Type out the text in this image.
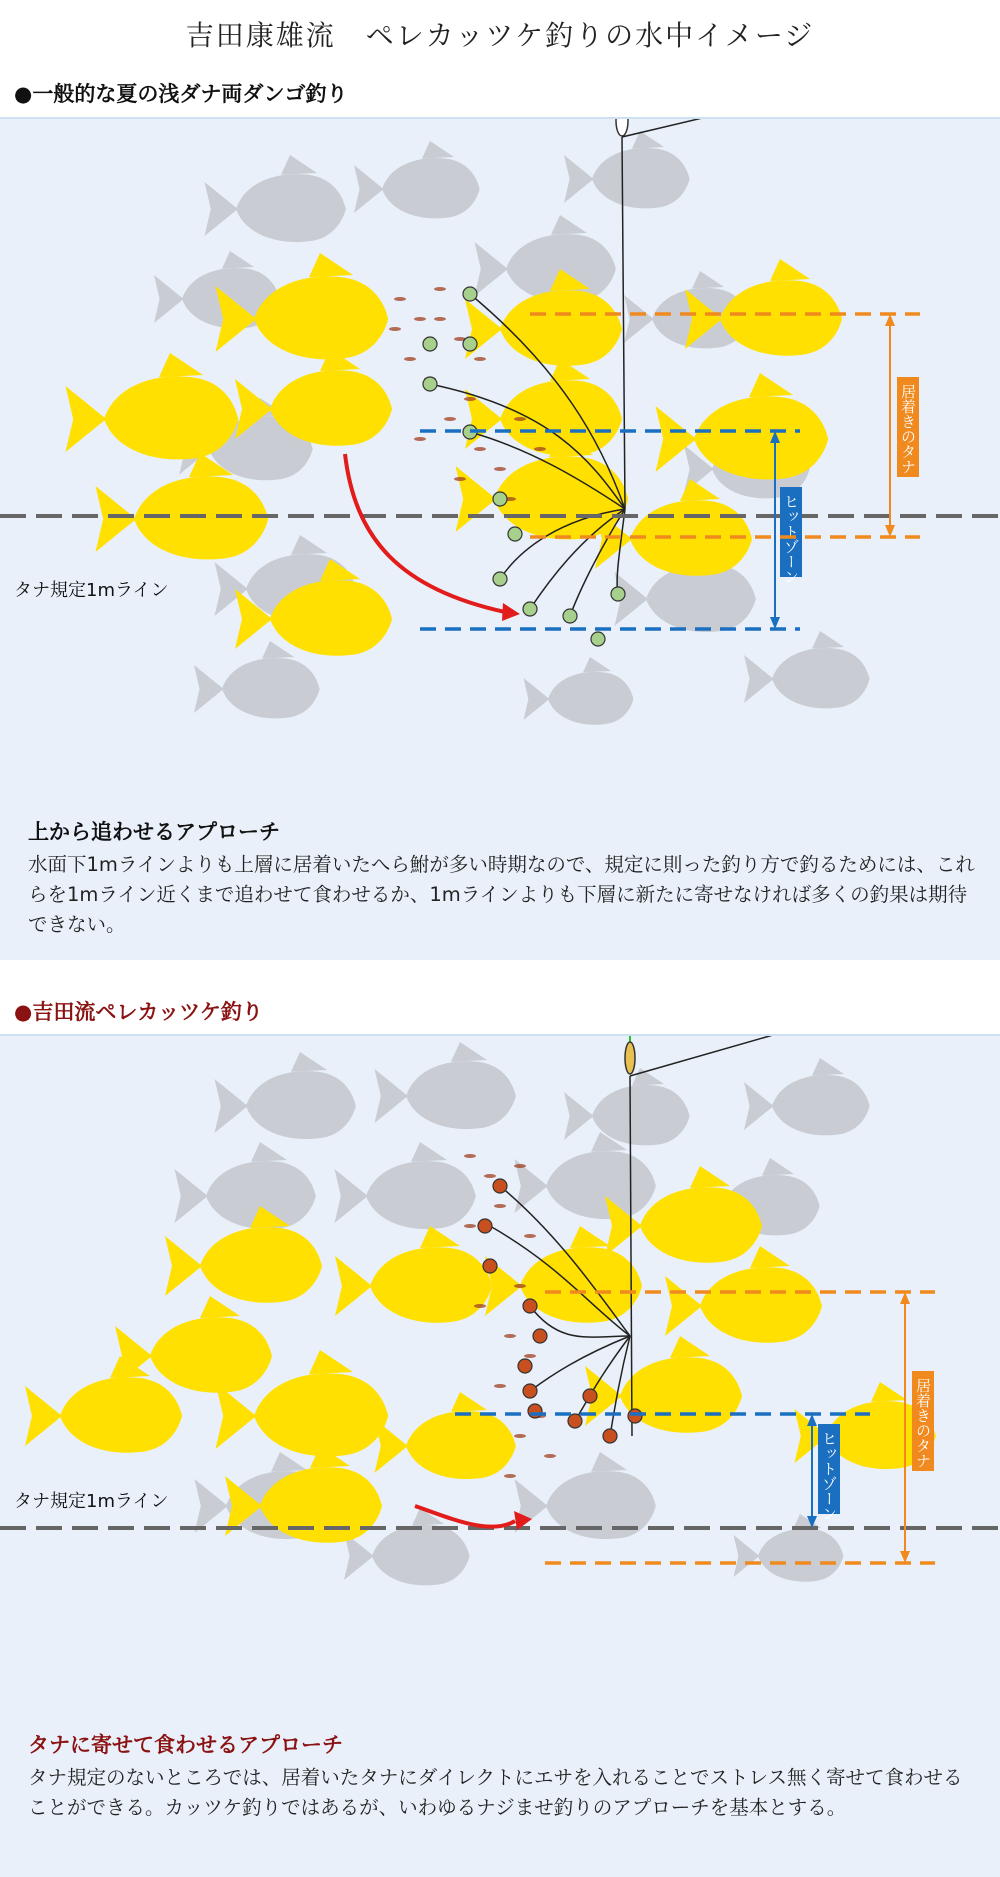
吉田康雄流　ペレカッツケ釣りの水中イメージ
●一般的な夏の浅ダナ両ダンゴ釣り
ヒットゾーン
居着きのタナ
タナ規定1mライン
上から追わせるアプローチ
水面下1mラインよりも上層に居着いたへら鮒が多い時期なので、規定に則った釣り方で釣るためには、これらを1mライン近くまで追わせて食わせるか、1mラインよりも下層に新たに寄せなければ多くの釣果は期待できない。
●吉田流ペレカッツケ釣り
ヒットゾーン
居着きのタナ
タナ規定1mライン
タナに寄せて食わせるアプローチ
タナ規定のないところでは、居着いたタナにダイレクトにエサを入れることでストレス無く寄せて食わせることができる。カッツケ釣りではあるが、いわゆるナジませ釣りのアプローチを基本とする。
